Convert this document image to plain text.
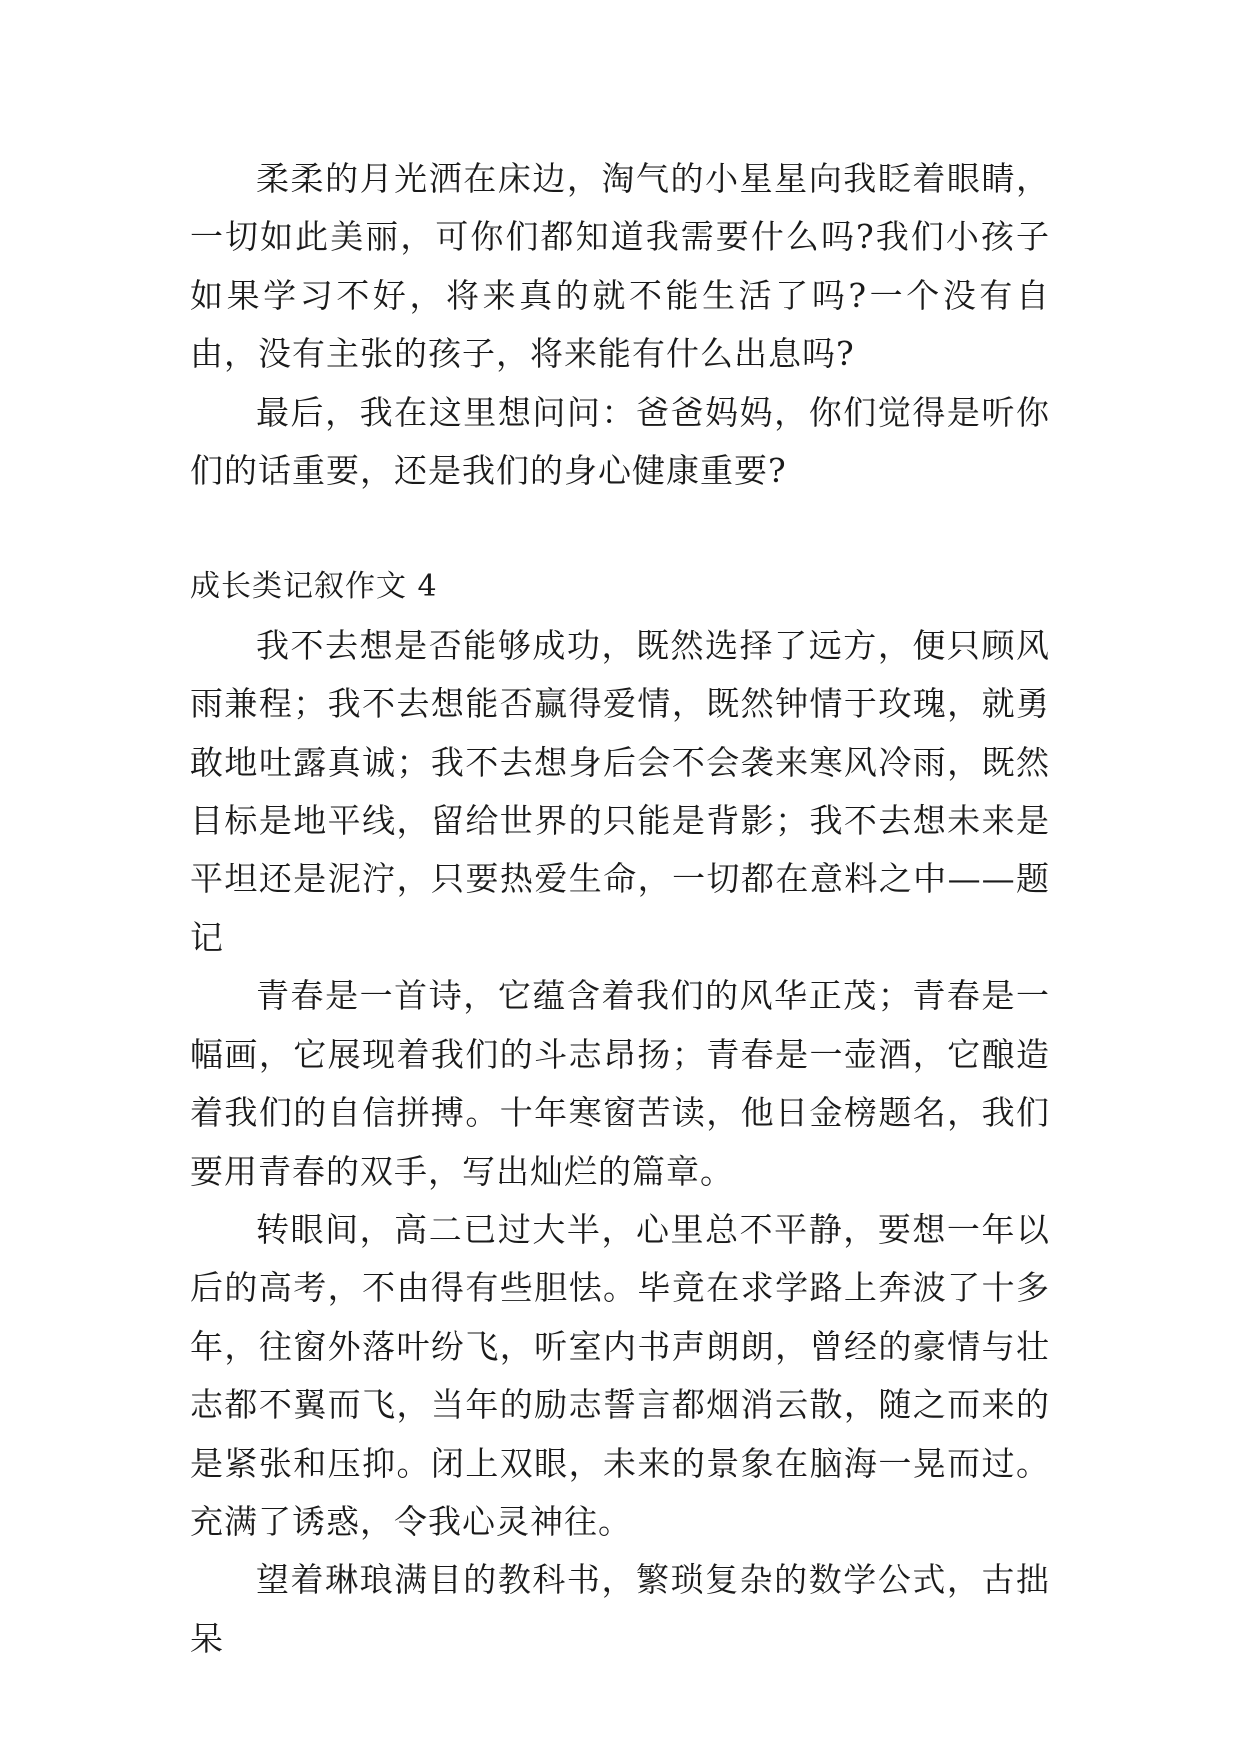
柔柔的月光洒在床边，淘气的小星星向我眨着眼睛，一切如此美丽，可你们都知道我需要什么吗?我们小孩子如果学习不好，将来真的就不能生活了吗?一个没有自由，没有主张的孩子，将来能有什么出息吗?

最后，我在这里想问问：爸爸妈妈，你们觉得是听你们的话重要，还是我们的身心健康重要?

成长类记叙作文 4

我不去想是否能够成功，既然选择了远方，便只顾风雨兼程；我不去想能否赢得爱情，既然钟情于玫瑰，就勇敢地吐露真诚；我不去想身后会不会袭来寒风冷雨，既然目标是地平线，留给世界的只能是背影；我不去想未来是平坦还是泥泞，只要热爱生命，一切都在意料之中——题记

青春是一首诗，它蕴含着我们的风华正茂；青春是一幅画，它展现着我们的斗志昂扬；青春是一壶酒，它酿造着我们的自信拼搏。十年寒窗苦读，他日金榜题名，我们要用青春的双手，写出灿烂的篇章。

转眼间，高二已过大半，心里总不平静，要想一年以后的高考，不由得有些胆怯。毕竟在求学路上奔波了十多年，往窗外落叶纷飞，听室内书声朗朗，曾经的豪情与壮志都不翼而飞，当年的励志誓言都烟消云散，随之而来的是紧张和压抑。闭上双眼，未来的景象在脑海一晃而过。充满了诱惑，令我心灵神往。

望着琳琅满目的教科书，繁琐复杂的数学公式，古拙呆
